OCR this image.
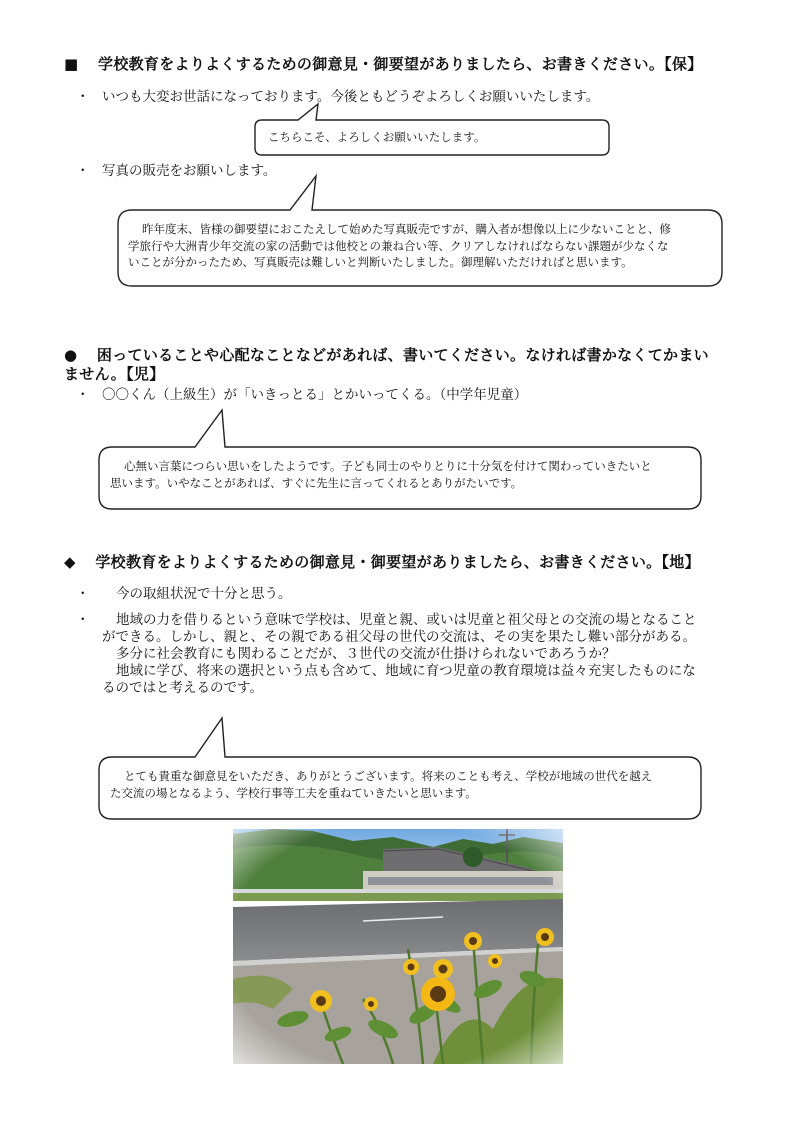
■ 学校教育をよりよくするための御意見・御要望がありましたら、お書きください。【保】
・ いつも大変お世話になっております。今後ともどうぞよろしくお願いいたします。
こちらこそ、よろしくお願いいたします。
・ 写真の販売をお願いします。
昨年度末、皆様の御要望におこたえして始めた写真販売ですが、購入者が想像以上に少ないことと、修
学旅行や大洲青少年交流の家の活動では他校との兼ね合い等、クリアしなければならない課題が少なくな
いことが分かったため、写真販売は難しいと判断いたしました。御理解いただければと思います。
● 困っていることや心配なことなどがあれば、書いてください。なければ書かなくてかまい
ません。【児】
・ 〇〇くん（上級生）が「いきっとる」とかいってくる。（中学年児童）
心無い言葉につらい思いをしたようです。子ども同士のやりとりに十分気を付けて関わっていきたいと
思います。いやなことがあれば、すぐに先生に言ってくれるとありがたいです。
◆ 学校教育をよりよくするための御意見・御要望がありましたら、お書きください。【地】
・ 今の取組状況で十分と思う。
・	地域の力を借りるという意味で学校は、児童と親、或いは児童と祖父母との交流の場となること
ができる。しかし、親と、その親である祖父母の世代の交流は、その実を果たし難い部分がある。
多分に社会教育にも関わることだが、３世代の交流が仕掛けられないであろうか？
地域に学び、将来の選択という点も含めて、地域に育つ児童の教育環境は益々充実したものにな
るのではと考えるのです。
とても貴重な御意見をいただき、ありがとうございます。将来のことも考え、学校が地域の世代を越え
た交流の場となるよう、学校行事等工夫を重ねていきたいと思います。
